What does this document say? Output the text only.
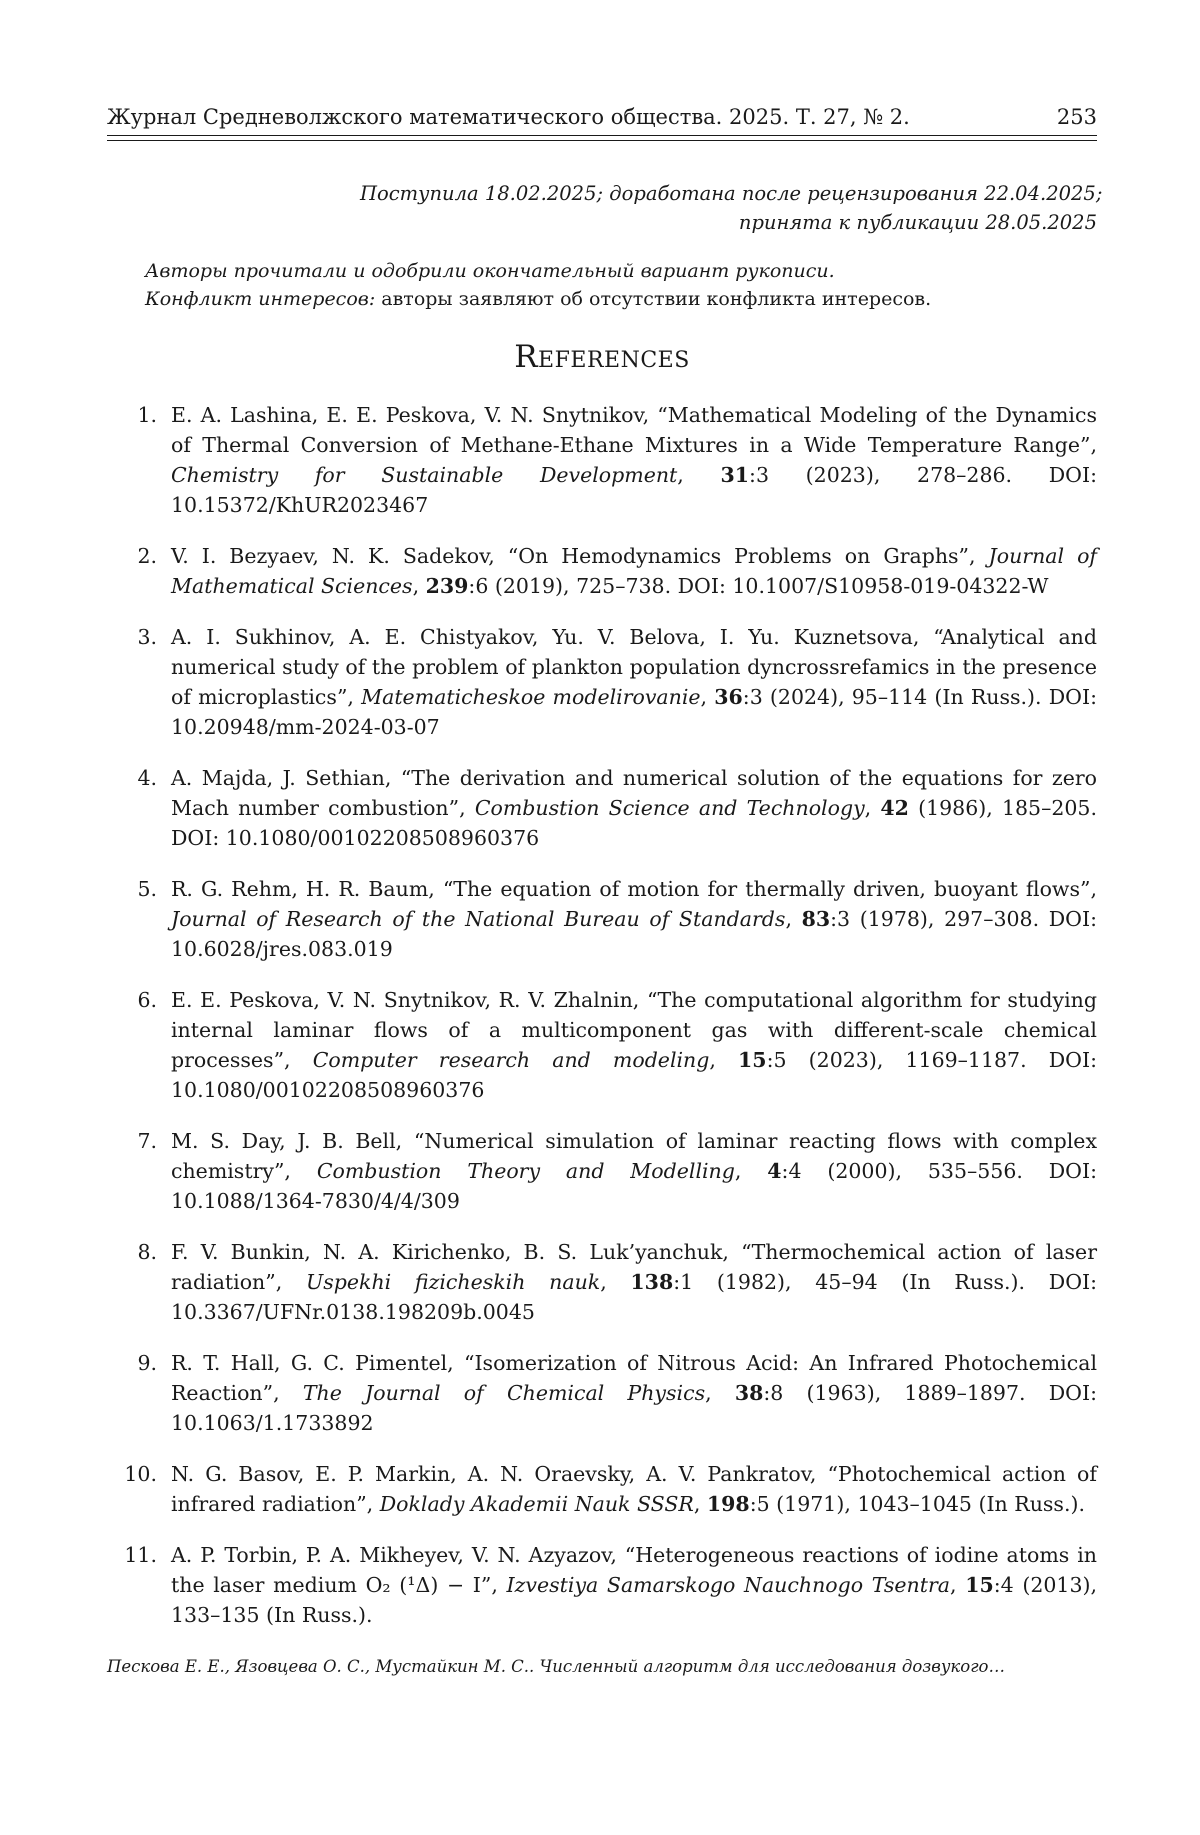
Журнал Средневолжского математического общества. 2025. Т. 27, № 2.	253
Поступила 18.02.2025; доработана после рецензирования 22.04.2025;
принята к публикации 28.05.2025
Авторы прочитали и одобрили окончательный вариант рукописи.
Конфликт интересов: авторы заявляют об отсутствии конфликта интересов.
References
1. E. A. Lashina, E. E. Peskova, V. N. Snytnikov, “Mathematical Modeling of the Dynamics of Thermal Conversion of Methane-Ethane Mixtures in a Wide Temperature Range”, Chemistry for Sustainable Development, 31:3 (2023), 278–286. DOI: 10.15372/KhUR2023467
2. V. I. Bezyaev, N. K. Sadekov, “On Hemodynamics Problems on Graphs”, Journal of Mathematical Sciences, 239:6 (2019), 725–738. DOI: 10.1007/S10958-019-04322-W
3. A. I. Sukhinov, A. E. Chistyakov, Yu. V. Belova, I. Yu. Kuznetsova, “Analytical and numerical study of the problem of plankton population dyncrossrefamics in the presence of microplastics”, Matematicheskoe modelirovanie, 36:3 (2024), 95–114 (In Russ.). DOI: 10.20948/mm-2024-03-07
4. A. Majda, J. Sethian, “The derivation and numerical solution of the equations for zero Mach number combustion”, Combustion Science and Technology, 42 (1986), 185–205. DOI: 10.1080/00102208508960376
5. R. G. Rehm, H. R. Baum, “The equation of motion for thermally driven, buoyant flows”, Journal of Research of the National Bureau of Standards, 83:3 (1978), 297–308. DOI: 10.6028/jres.083.019
6. E. E. Peskova, V. N. Snytnikov, R. V. Zhalnin, “The computational algorithm for studying internal laminar flows of a multicomponent gas with different-scale chemical processes”, Computer research and modeling, 15:5 (2023), 1169–1187. DOI: 10.1080/00102208508960376
7. M. S. Day, J. B. Bell, “Numerical simulation of laminar reacting flows with complex chemistry”, Combustion Theory and Modelling, 4:4 (2000), 535–556. DOI: 10.1088/1364-7830/4/4/309
8. F. V. Bunkin, N. A. Kirichenko, B. S. Luk’yanchuk, “Thermochemical action of laser radiation”, Uspekhi fizicheskih nauk, 138:1 (1982), 45–94 (In Russ.). DOI: 10.3367/UFNr.0138.198209b.0045
9. R. T. Hall, G. C. Pimentel, “Isomerization of Nitrous Acid: An Infrared Photochemical Reaction”, The Journal of Chemical Physics, 38:8 (1963), 1889–1897. DOI: 10.1063/1.1733892
10. N. G. Basov, E. P. Markin, A. N. Oraevsky, A. V. Pankratov, “Photochemical action of infrared radiation”, Doklady Akademii Nauk SSSR, 198:5 (1971), 1043–1045 (In Russ.).
11. A. P. Torbin, P. A. Mikheyev, V. N. Azyazov, “Heterogeneous reactions of iodine atoms in the laser medium O₂ (¹Δ) − I”, Izvestiya Samarskogo Nauchnogo Tsentra, 15:4 (2013), 133–135 (In Russ.).
Пескова Е. Е., Язовцева О. С., Мустайкин М. С.. Численный алгоритм для исследования дозвукого…
